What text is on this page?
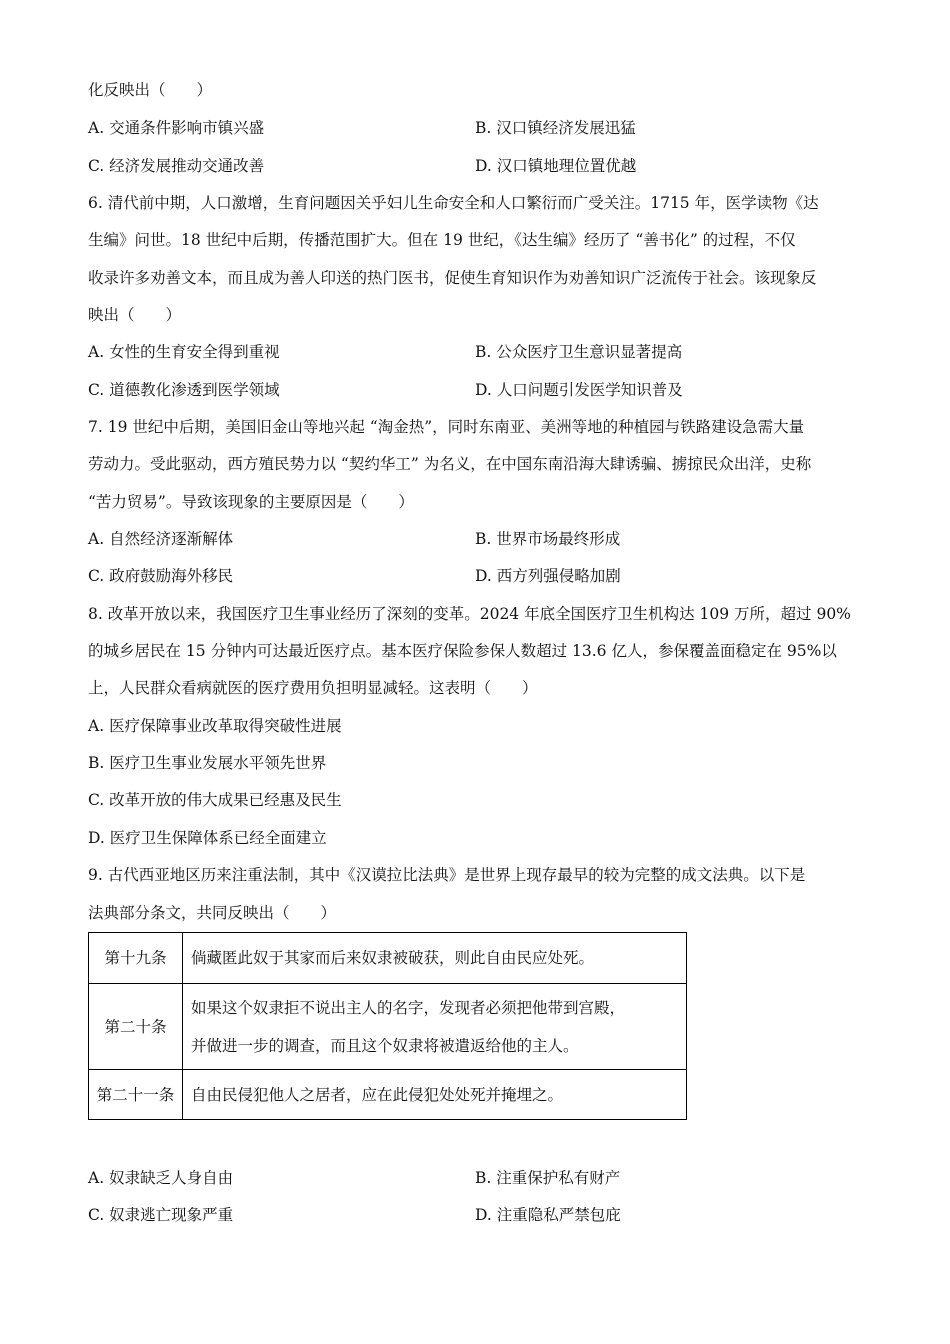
化反映出（　　）
A. 交通条件影响市镇兴盛	B. 汉口镇经济发展迅猛
C. 经济发展推动交通改善	D. 汉口镇地理位置优越
6. 清代前中期，人口激增，生育问题因关乎妇儿生命安全和人口繁衍而广受关注。1715 年，医学读物《达
生编》问世。18 世纪中后期，传播范围扩大。但在 19 世纪，《达生编》经历了 “善书化” 的过程，不仅
收录许多劝善文本，而且成为善人印送的热门医书，促使生育知识作为劝善知识广泛流传于社会。该现象反
映出（　　）
A. 女性的生育安全得到重视	B. 公众医疗卫生意识显著提高
C. 道德教化渗透到医学领域	D. 人口问题引发医学知识普及
7. 19 世纪中后期，美国旧金山等地兴起 “淘金热”，同时东南亚、美洲等地的种植园与铁路建设急需大量
劳动力。受此驱动，西方殖民势力以 “契约华工” 为名义，在中国东南沿海大肆诱骗、掳掠民众出洋，史称
“苦力贸易”。导致该现象的主要原因是（　　）
A. 自然经济逐渐解体	B. 世界市场最终形成
C. 政府鼓励海外移民	D. 西方列强侵略加剧
8. 改革开放以来，我国医疗卫生事业经历了深刻的变革。2024 年底全国医疗卫生机构达 109 万所，超过 90%
的城乡居民在 15 分钟内可达最近医疗点。基本医疗保险参保人数超过 13.6 亿人，参保覆盖面稳定在 95%以
上，人民群众看病就医的医疗费用负担明显减轻。这表明（　　）
A. 医疗保障事业改革取得突破性进展
B. 医疗卫生事业发展水平领先世界
C. 改革开放的伟大成果已经惠及民生
D. 医疗卫生保障体系已经全面建立
9. 古代西亚地区历来注重法制，其中《汉谟拉比法典》是世界上现存最早的较为完整的成文法典。以下是
法典部分条文，共同反映出（　　）
第十九条	倘藏匿此奴于其家而后来奴隶被破获，则此自由民应处死。
第二十条	如果这个奴隶拒不说出主人的名字，发现者必须把他带到宫殿，
并做进一步的调查，而且这个奴隶将被遣返给他的主人。
第二十一条	自由民侵犯他人之居者，应在此侵犯处处死并掩埋之。
A. 奴隶缺乏人身自由	B. 注重保护私有财产
C. 奴隶逃亡现象严重	D. 注重隐私严禁包庇
